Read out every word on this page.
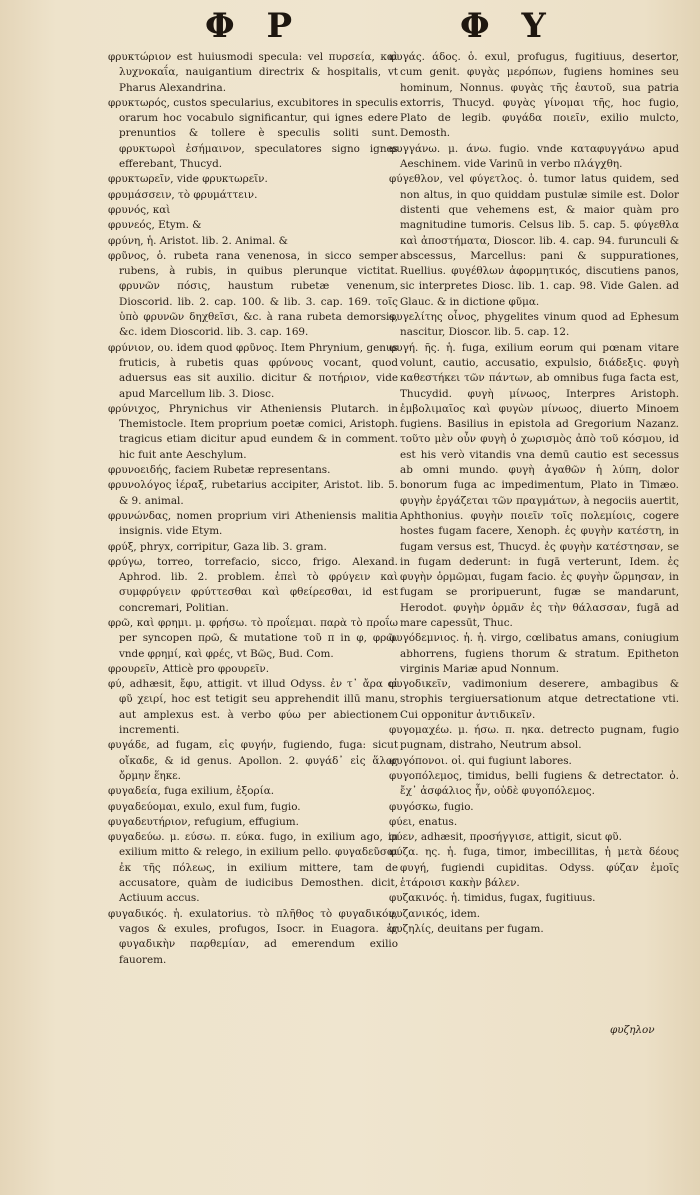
Φ Ρ	Φ Υ

φρυκτώριον est huiusmodi specula: vel πυρσεία, καὶ λυχνοκαΐα, nauigantium directrix & hospitalis, vt Pharus Alexandrina.

φρυκτωρός, custos specularius, excubitores in speculis orarum hoc vocabulo significantur, qui ignes edere prenuntios & tollere è speculis soliti sunt. φρυκτωροὶ ἐσήμαινον, speculatores signo ignes efferebant, Thucyd.

φρυκτωρεῖν, vide φρυκτωρεῖν.

φρυμάσσειν, τὸ φρυμάττειν.

φρυνός, καὶ

φρυνεός, Etym. &

φρύνη, ἡ. Aristot. lib. 2. Animal. &

φρῦνος, ὁ. rubeta rana venenosa, in sicco semper rubens, à rubis, in quibus plerunque victitat. φρυνῶν πόσις, haustum rubetæ venenum, Dioscorid. lib. 2. cap. 100. & lib. 3. cap. 169. τοῖς ὑπὸ φρυνῶν δηχθεῖσι, &c. à rana rubeta demorsis, &c. idem Dioscorid. lib. 3. cap. 169.

φρύνιον, ου. idem quod φρῦνος. Item Phrynium, genus fruticis, à rubetis quas φρύνους vocant, quod aduersus eas sit auxilio. dicitur & ποτήριον, vide apud Marcellum lib. 3. Diosc.

φρύνιχος, Phrynichus vir Atheniensis Plutarch. in Themistocle. Item proprium poetæ comici, Aristoph. tragicus etiam dicitur apud eundem & in comment. hic fuit ante Aeschylum.

φρυνοειδής, faciem Rubetæ representans.

φρυνολόγος ἱέραξ, rubetarius accipiter, Aristot. lib. 5. & 9. animal.

φρυνώνδας, nomen proprium viri Atheniensis malitia insignis. vide Etym.

φρύξ, phryx, corripitur, Gaza lib. 3. gram.

φρύγω, torreo, torrefacio, sicco, frigo. Alexand. Aphrod. lib. 2. problem. ἐπεὶ τὸ φρύγειν καὶ συμφρύγειν φρύττεσθαι καὶ φθείρεσθαι, id est concremari, Politian.

φρῶ, καὶ φρημι. μ. φρήσω. τὸ προΐεμαι. παρὰ τὸ προΐω per syncopen πρῶ, & mutatione τοῦ π in φ, φρῶ. vnde φρημί, καὶ φρές, vt Βῶς, Bud. Com.

φρουρεῖν, Atticè pro φρουρεῖν.

φύ, adhæsit, ἔφυ, attigit. vt illud Odyss. ἐν τ᾽ ἄρα οἱ φῦ χειρί, hoc est tetigit seu apprehendit illū manu, aut amplexus est. à verbo φύω per abiectionem incrementi.

φυγάδε, ad fugam, εἰς φυγήν, fugiendo, fuga: sicut οἴκαδε, & id genus. Apollon. 2. φυγάδ᾽ εἰς ἅλος ὄρμην ἕηκε.

φυγαδεία, fuga exilium, ἐξορία.

φυγαδεύομαι, exulo, exul fum, fugio.

φυγαδευτήριον, refugium, effugium.

φυγαδεύω. μ. εύσω. π. εύκα. fugo, in exilium ago, in exilium mitto & relego, in exilium pello. φυγαδεῦσαι ἐκ τῆς πόλεως, in exilium mittere, tam de accusatore, quàm de iudicibus Demosthen. dicit, Actiuum accus.

φυγαδικός. ἡ. exulatorius. τὸ πλῆθος τὸ φυγαδικόν, vagos & exules, profugos, Isocr. in Euagora. ἐς φυγαδικὴν παρθεμίαν, ad emerendum exilio fauorem.

φυγάς. άδος. ὁ. exul, profugus, fugitiuus, desertor, cum genit. φυγὰς μερόπων, fugiens homines seu hominum, Nonnus. φυγὰς τῆς ἑαυτοῦ, sua patria extorris, Thucyd. φυγὰς γίνομαι τῆς, hoc fugio, Plato de legib. φυγάδα ποιεῖν, exilio mulcto, Demosth.

φυγγάνω. μ. άνω. fugio. vnde καταφυγγάνω apud Aeschinem. vide Varinū in verbo πλάγχθη.

φύγεθλον, vel φύγετλος. ὁ. tumor latus quidem, sed non altus, in quo quiddam pustulæ simile est. Dolor distenti que vehemens est, & maior quàm pro magnitudine tumoris. Celsus lib. 5. cap. 5. φύγεθλα καὶ ἀποστήματα, Dioscor. lib. 4. cap. 94. furunculi & abscessus, Marcellus: pani & suppurationes, Ruellius. φυγέθλων ἀφορμητικός, discutiens panos, sic interpretes Diosc. lib. 1. cap. 98. Vide Galen. ad Glauc. & in dictione φῦμα.

φυγελίτης οἶνος, phygelites vinum quod ad Ephesum nascitur, Dioscor. lib. 5. cap. 12.

φυγή. ῆς. ἡ. fuga, exilium eorum qui pœnam vitare volunt, cautio, accusatio, expulsio, διάδεξις. φυγὴ καθεστήκει τῶν πάντων, ab omnibus fuga facta est, Thucydid. φυγὴ μίνωος, Interpres Aristoph. ἐμβολιμαῖος καὶ φυγὼν μίνωος, diuerto Minoem fugiens. Basilius in epistola ad Gregorium Nazanz. τοῦτο μὲν οὖν φυγὴ ὁ χωρισμὸς ἀπὸ τοῦ κόσμου, id est his verò vitandis vna demū cautio est secessus ab omni mundo. φυγὴ ἀγαθῶν ἡ λύπη, dolor bonorum fuga ac impedimentum, Plato in Timæo. φυγὴν ἐργάζεται τῶν πραγμάτων, à negociis auertit, Aphthonius. φυγὴν ποιεῖν τοῖς πολεμίοις, cogere hostes fugam facere, Xenoph. ἐς φυγὴν κατέστη, in fugam versus est, Thucyd. ἐς φυγὴν κατέστησαν, se in fugam dederunt: in fugā verterunt, Idem. ἐς φυγὴν ὁρμῶμαι, fugam facio. ἐς φυγὴν ὥρμησαν, in fugam se proripuerunt, fugæ se mandarunt, Herodot. φυγὴν ὁρμᾶν ἐς τὴν θάλασσαν, fugā ad mare capessūt, Thuc.

φυγόδεμνιος. ἡ. ἡ. virgo, cœlibatus amans, coniugium abhorrens, fugiens thorum & stratum. Epitheton virginis Mariæ apud Nonnum.

φυγοδικεῖν, vadimonium deserere, ambagibus & strophis tergiuersationum atque detrectatione vti. Cui opponitur ἀντιδικεῖν.

φυγομαχέω. μ. ήσω. π. ηκα. detrecto pugnam, fugio pugnam, distraho, Neutrum absol.

φυγόπονοι. οἱ. qui fugiunt labores.

φυγοπόλεμος, timidus, belli fugiens & detrectator. ὁ. ἔχ᾽ ἀσφάλιος ἦν, οὐδὲ φυγοπόλεμος.

φυγόσκω, fugio.

φύει, enatus.

φύεν, adhæsit, προσήγγισε, attigit, sicut φῦ.

φύζα. ης. ἡ. fuga, timor, imbecillitas, ἡ μετὰ δέους φυγή, fugiendi cupiditas. Odyss. φύζαν ἐμοῖς ἑτάροισι κακὴν βάλεν.

φυζακινός. ἡ. timidus, fugax, fugitiuus.

φυζανικός, idem.

φυζηλίς, deuitans per fugam.

φυζηλον
